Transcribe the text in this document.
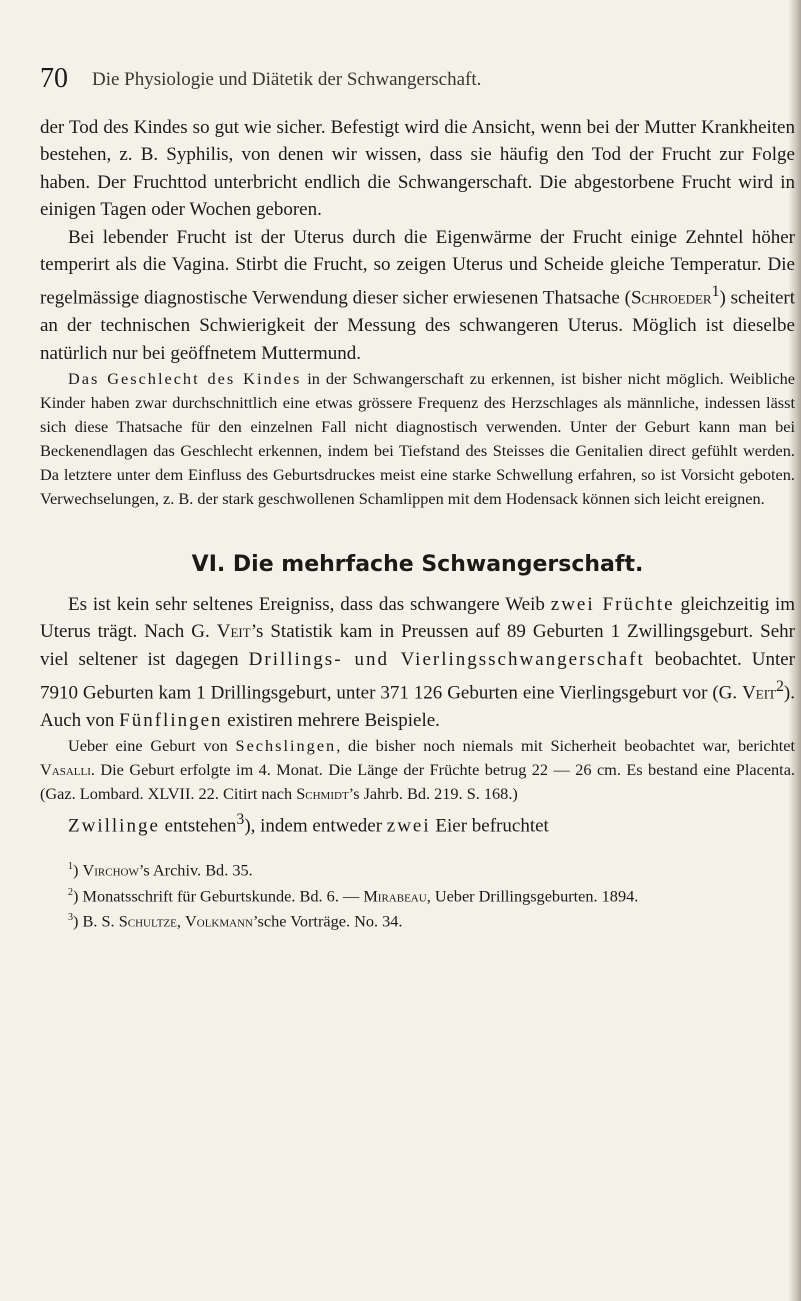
70 Die Physiologie und Diätetik der Schwangerschaft.

der Tod des Kindes so gut wie sicher. Befestigt wird die Ansicht, wenn bei der Mutter Krankheiten bestehen, z. B. Syphilis, von denen wir wissen, dass sie häufig den Tod der Frucht zur Folge haben. Der Fruchttod unterbricht endlich die Schwangerschaft. Die abgestorbene Frucht wird in einigen Tagen oder Wochen geboren.

Bei lebender Frucht ist der Uterus durch die Eigenwärme der Frucht einige Zehntel höher temperirt als die Vagina. Stirbt die Frucht, so zeigen Uterus und Scheide gleiche Temperatur. Die regelmässige diagnostische Verwendung dieser sicher erwiesenen Thatsache (Schroeder$^1$) scheitert an der technischen Schwierigkeit der Messung des schwangeren Uterus. Möglich ist dieselbe natürlich nur bei geöffnetem Muttermund.

Das Geschlecht des Kindes in der Schwangerschaft zu erkennen, ist bisher nicht möglich. Weibliche Kinder haben zwar durchschnittlich eine etwas grössere Frequenz des Herzschlages als männliche, indessen lässt sich diese Thatsache für den einzelnen Fall nicht diagnostisch verwenden. Unter der Geburt kann man bei Beckenendlagen das Geschlecht erkennen, indem bei Tiefstand des Steisses die Genitalien direct gefühlt werden. Da letztere unter dem Einfluss des Geburtsdruckes meist eine starke Schwellung erfahren, so ist Vorsicht geboten. Verwechselungen, z. B. der stark geschwollenen Schamlippen mit dem Hodensack können sich leicht ereignen.

VI. Die mehrfache Schwangerschaft.

Es ist kein sehr seltenes Ereigniss, dass das schwangere Weib zwei Früchte gleichzeitig im Uterus trägt. Nach G. Veit’s Statistik kam in Preussen auf 89 Geburten 1 Zwillingsgeburt. Sehr viel seltener ist dagegen Drillings- und Vierlingsschwangerschaft beobachtet. Unter 7910 Geburten kam 1 Drillingsgeburt, unter 371 126 Geburten eine Vierlingsgeburt vor (G. Veit$^2$). Auch von Fünflingen existiren mehrere Beispiele.

Ueber eine Geburt von Sechslingen, die bisher noch niemals mit Sicherheit beobachtet war, berichtet Vasalli. Die Geburt erfolgte im 4. Monat. Die Länge der Früchte betrug 22 — 26 cm. Es bestand eine Placenta. (Gaz. Lombard. XLVII. 22. Citirt nach Schmidt’s Jahrb. Bd. 219. S. 168.)

Zwillinge entstehen$^3$), indem entweder zwei Eier befruchtet

$^1$) Virchow’s Archiv. Bd. 35.

$^2$) Monatsschrift für Geburtskunde. Bd. 6. — Mirabeau, Ueber Drillingsgeburten. 1894.

$^3$) B. S. Schultze, Volkmann’sche Vorträge. No. 34.
